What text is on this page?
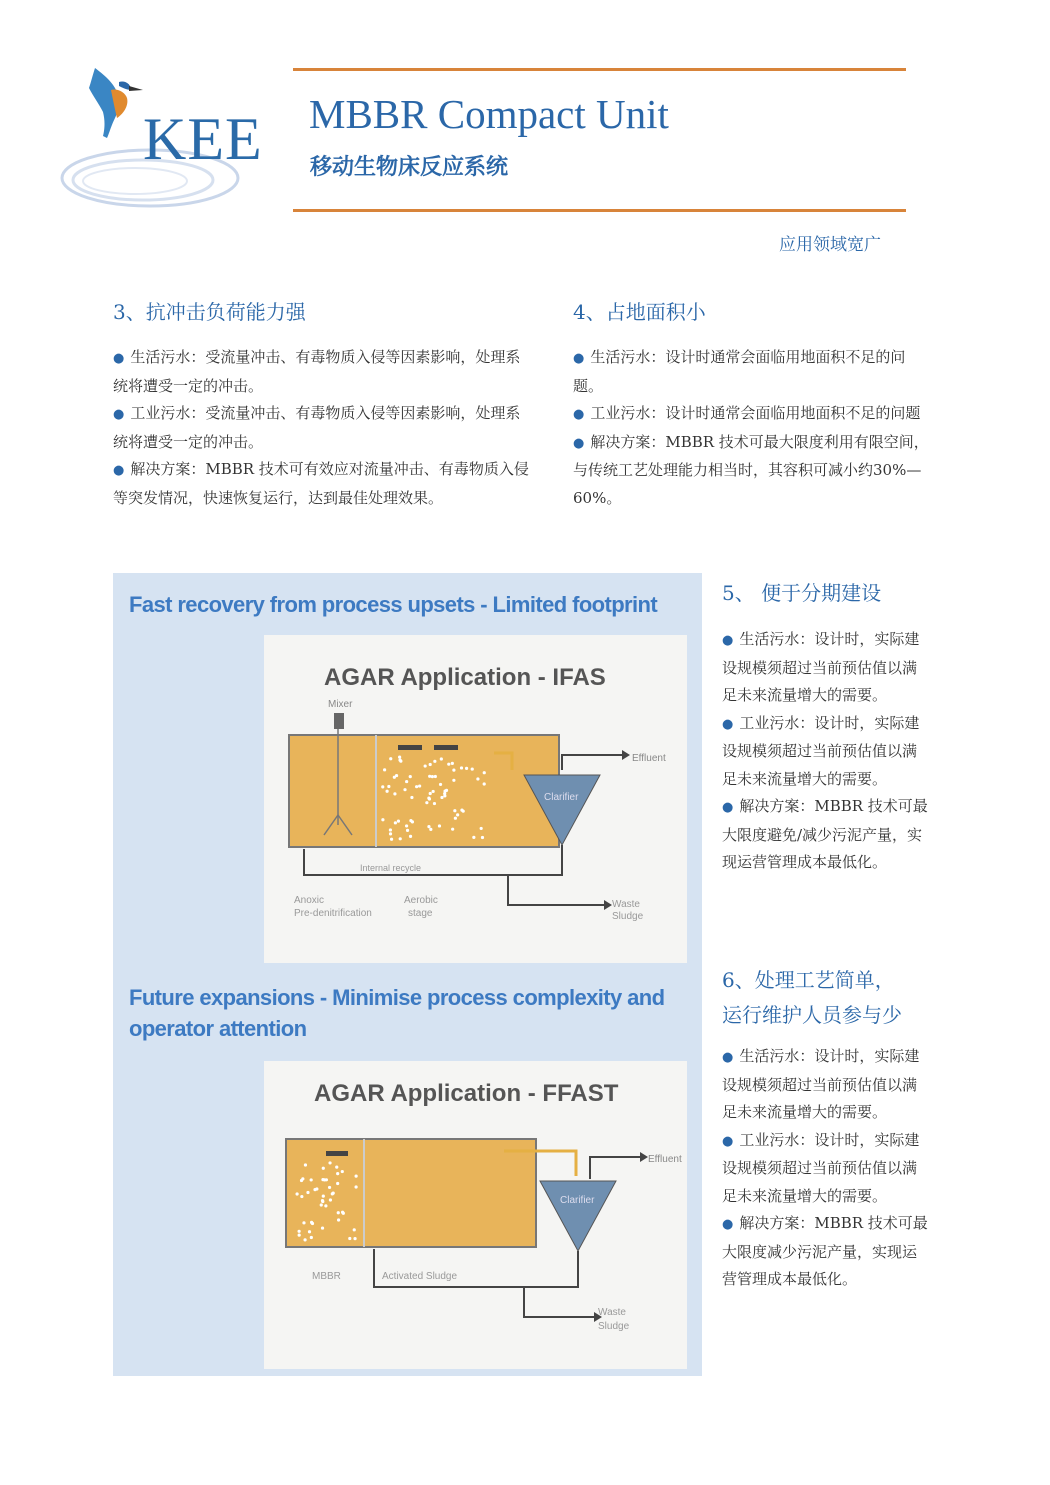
KEE MBBR Compact Unit
移动生物床反应系统
应用领域宽广
3、抗冲击负荷能力强
● 生活污水：受流量冲击、有毒物质入侵等因素影响，处理系统将遭受一定的冲击。
● 工业污水：受流量冲击、有毒物质入侵等因素影响，处理系统将遭受一定的冲击。
● 解决方案：MBBR 技术可有效应对流量冲击、有毒物质入侵等突发情况，快速恢复运行，达到最佳处理效果。
4、占地面积小
● 生活污水：设计时通常会面临用地面积不足的问题。
● 工业污水：设计时通常会面临用地面积不足的问题
● 解决方案：MBBR 技术可最大限度利用有限空间，与传统工艺处理能力相当时，其容积可减小约30%—60%。
5、 便于分期建设
● 生活污水：设计时，实际建设规模须超过当前预估值以满足未来流量增大的需要。
● 工业污水：设计时，实际建设规模须超过当前预估值以满足未来流量增大的需要。
● 解决方案：MBBR 技术可最大限度避免/减少污泥产量，实现运营管理成本最低化。
6、处理工艺简单，
运行维护人员参与少
● 生活污水：设计时，实际建设规模须超过当前预估值以满足未来流量增大的需要。
● 工业污水：设计时，实际建设规模须超过当前预估值以满足未来流量增大的需要。
● 解决方案：MBBR 技术可最大限度减少污泥产量，实现运营管理成本最低化。
Fast recovery from process upsets - Limited footprint
AGAR Application - IFAS
Mixer
Clarifier
Effluent
Internal recycle
Waste
Sludge
Anoxic
Pre-denitrification
Aerobic
stage
Future expansions - Minimise process complexity and
operator attention
AGAR Application - FFAST
Clarifier
Effluent
Waste
Sludge
MBBR	Activated Sludge
